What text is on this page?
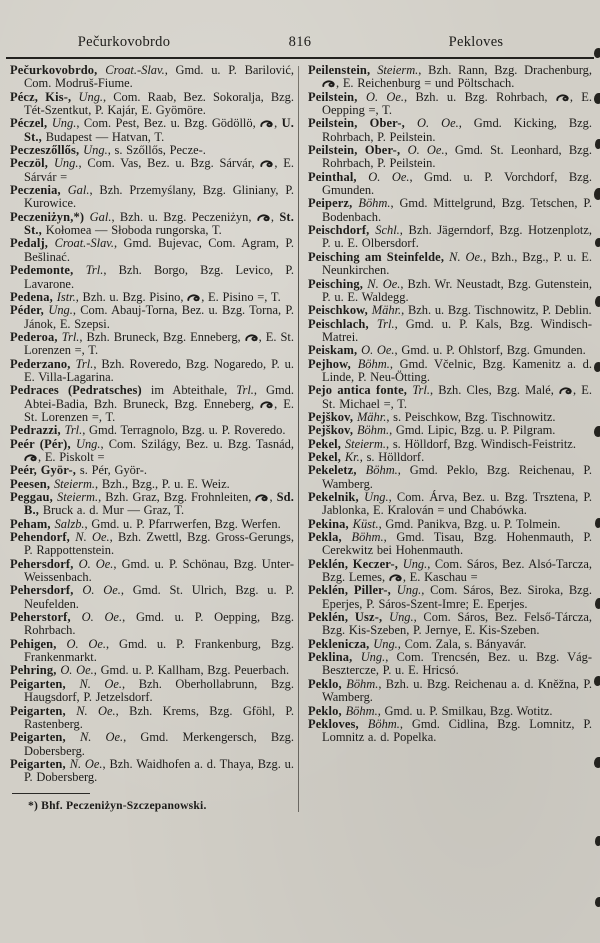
Pečurkovobrdo	816	Pekloves

Pečurkovobrdo, Croat.-Slav., Gmd. u. P. Barilović, Com. Modruš-Fiume.

Pécz, Kis-, Ung., Com. Raab, Bez. Sokoralja, Bzg. Tét-Szentkut, P. Kajár, E. Gyömöre.

Péczel, Ung., Com. Pest, Bez. u. Bzg. Gödöllö, , U. St., Budapest — Hatvan, T.

Peczeszőllős, Ung., s. Szőllős, Pecze-.

Peczöl, Ung., Com. Vas, Bez. u. Bzg. Sárvár, , E. Sárvár =

Peczenia, Gal., Bzh. Przemyślany, Bzg. Gliniany, P. Kurowice.

Peczeniżyn,*) Gal., Bzh. u. Bzg. Peczeniżyn, , St. St., Kołomea — Słoboda rungorska, T.

Pedalj, Croat.-Slav., Gmd. Bujevac, Com. Agram, P. Bešlinać.

Pedemonte, Trl., Bzh. Borgo, Bzg. Levico, P. Lavarone.

Pedena, Istr., Bzh. u. Bzg. Pisino, , E. Pisino =, T.

Péder, Ung., Com. Abauj-Torna, Bez. u. Bzg. Torna, P. Jánok, E. Szepsi.

Pederoa, Trl., Bzh. Bruneck, Bzg. Enneberg, , E. St. Lorenzen =, T.

Pederzano, Trl., Bzh. Roveredo, Bzg. Nogaredo, P. u. E. Villa-Lagarina.

Pedraces (Pedratsches) im Abteithale, Trl., Gmd. Abtei-Badia, Bzh. Bruneck, Bzg. Enneberg, , E. St. Lorenzen =, T.

Pedrazzi, Trl., Gmd. Terragnolo, Bzg. u. P. Roveredo.

Peér (Pér), Ung., Com. Szilágy, Bez. u. Bzg. Tasnád, , E. Piskolt =

Peér, Györ-, s. Pér, Györ-.

Peesen, Steierm., Bzh., Bzg., P. u. E. Weiz.

Peggau, Steierm., Bzh. Graz, Bzg. Frohnleiten, , Sd. B., Bruck a. d. Mur — Graz, T.

Peham, Salzb., Gmd. u. P. Pfarrwerfen, Bzg. Werfen.

Pehendorf, N. Oe., Bzh. Zwettl, Bzg. Gross-Gerungs, P. Rappottenstein.

Pehersdorf, O. Oe., Gmd. u. P. Schönau, Bzg. Unter-Weissenbach.

Pehersdorf, O. Oe., Gmd. St. Ulrich, Bzg. u. P. Neufelden.

Peherstorf, O. Oe., Gmd. u. P. Oepping, Bzg. Rohrbach.

Pehigen, O. Oe., Gmd. u. P. Frankenburg, Bzg. Frankenmarkt.

Pehring, O. Oe., Gmd. u. P. Kallham, Bzg. Peuerbach.

Peigarten, N. Oe., Bzh. Oberhollabrunn, Bzg. Haugsdorf, P. Jetzelsdorf.

Peigarten, N. Oe., Bzh. Krems, Bzg. Gföhl, P. Rastenberg.

Peigarten, N. Oe., Gmd. Merkengersch, Bzg. Dobersberg.

Peigarten, N. Oe., Bzh. Waidhofen a. d. Thaya, Bzg. u. P. Dobersberg.

*) Bhf. Peczeniżyn-Szczepanowski.

Peilenstein, Steierm., Bzh. Rann, Bzg. Drachenburg, , E. Reichenburg = und Pöltschach.

Peilstein, O. Oe., Bzh. u. Bzg. Rohrbach, , E. Oepping =, T.

Peilstein, Ober-, O. Oe., Gmd. Kicking, Bzg. Rohrbach, P. Peilstein.

Peilstein, Ober-, O. Oe., Gmd. St. Leonhard, Bzg. Rohrbach, P. Peilstein.

Peinthal, O. Oe., Gmd. u. P. Vorchdorf, Bzg. Gmunden.

Peiperz, Böhm., Gmd. Mittelgrund, Bzg. Tetschen, P. Bodenbach.

Peischdorf, Schl., Bzh. Jägerndorf, Bzg. Hotzenplotz, P. u. E. Olbersdorf.

Peisching am Steinfelde, N. Oe., Bzh., Bzg., P. u. E. Neunkirchen.

Peisching, N. Oe., Bzh. Wr. Neustadt, Bzg. Gutenstein, P. u. E. Waldegg.

Peischkow, Mähr., Bzh. u. Bzg. Tischnowitz, P. Deblin.

Peischlach, Trl., Gmd. u. P. Kals, Bzg. Windisch-Matrei.

Peiskam, O. Oe., Gmd. u. P. Ohlstorf, Bzg. Gmunden.

Pejhow, Böhm., Gmd. Včelnic, Bzg. Kamenitz a. d. Linde, P. Neu-Ötting.

Pejo antica fonte, Trl., Bzh. Cles, Bzg. Malé, , E. St. Michael =, T.

Pejškov, Mähr., s. Peischkow, Bzg. Tischnowitz.

Pejškov, Böhm., Gmd. Lipic, Bzg. u. P. Pilgram.

Pekel, Steierm., s. Hölldorf, Bzg. Windisch-Feistritz.

Pekel, Kr., s. Hölldorf.

Pekeletz, Böhm., Gmd. Peklo, Bzg. Reichenau, P. Wamberg.

Pekelnik, Ung., Com. Árva, Bez. u. Bzg. Trsztena, P. Jablonka, E. Kralován = und Chabówka.

Pekina, Küst., Gmd. Panikva, Bzg. u. P. Tolmein.

Pekla, Böhm., Gmd. Tisau, Bzg. Hohenmauth, P. Cerekwitz bei Hohenmauth.

Peklén, Keczer-, Ung., Com. Sáros, Bez. Alsó-Tarcza, Bzg. Lemes, , E. Kaschau =

Peklén, Piller-, Ung., Com. Sáros, Bez. Siroka, Bzg. Eperjes, P. Sáros-Szent-Imre; E. Eperjes.

Peklén, Usz-, Ung., Com. Sáros, Bez. Felső-Tárcza, Bzg. Kis-Szeben, P. Jernye, E. Kis-Szeben.

Peklenicza, Ung., Com. Zala, s. Bányavár.

Peklina, Ung., Com. Trencsén, Bez. u. Bzg. Vág-Besztercze, P. u. E. Hricsó.

Peklo, Böhm., Bzh. u. Bzg. Reichenau a. d. Kněžna, P. Wamberg.

Peklo, Böhm., Gmd. u. P. Smilkau, Bzg. Wotitz.

Pekloves, Böhm., Gmd. Cidlina, Bzg. Lomnitz, P. Lomnitz a. d. Popelka.
